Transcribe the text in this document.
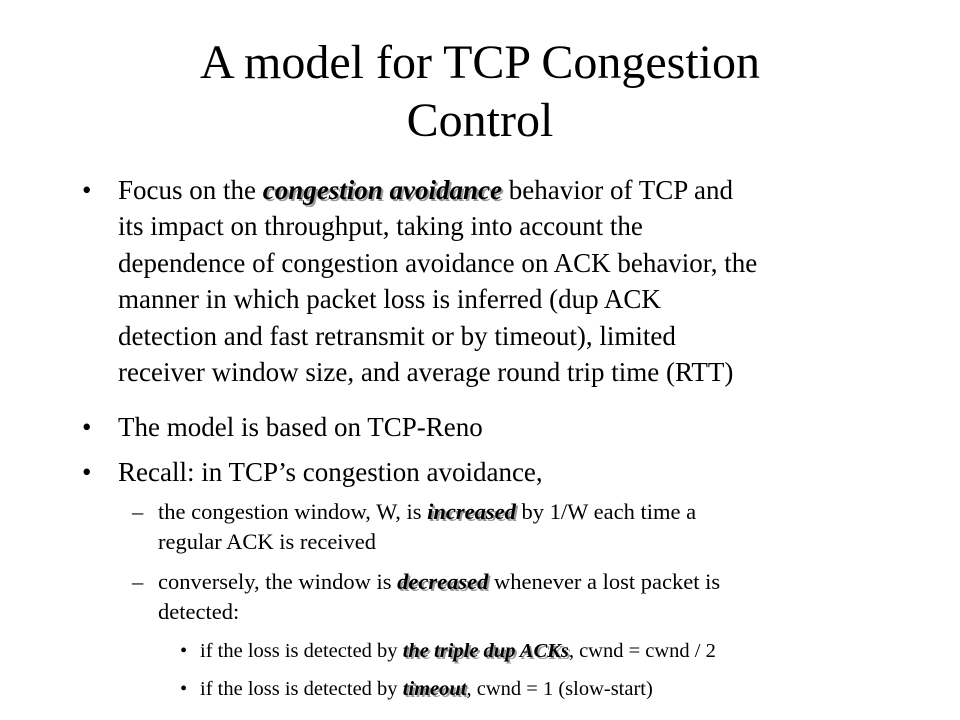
A model for TCP Congestion
Control

• Focus on the congestion avoidance behavior of TCP and
its impact on throughput, taking into account the
dependence of congestion avoidance on ACK behavior, the
manner in which packet loss is inferred (dup ACK
detection and fast retransmit or by timeout), limited
receiver window size, and average round trip time (RTT)

• The model is based on TCP-Reno

• Recall: in TCP’s congestion avoidance,

– the congestion window, W, is increased by 1/W each time a
regular ACK is received

– conversely, the window is decreased whenever a lost packet is
detected:

• if the loss is detected by the triple dup ACKs, cwnd = cwnd / 2

• if the loss is detected by timeout, cwnd = 1 (slow-start)
